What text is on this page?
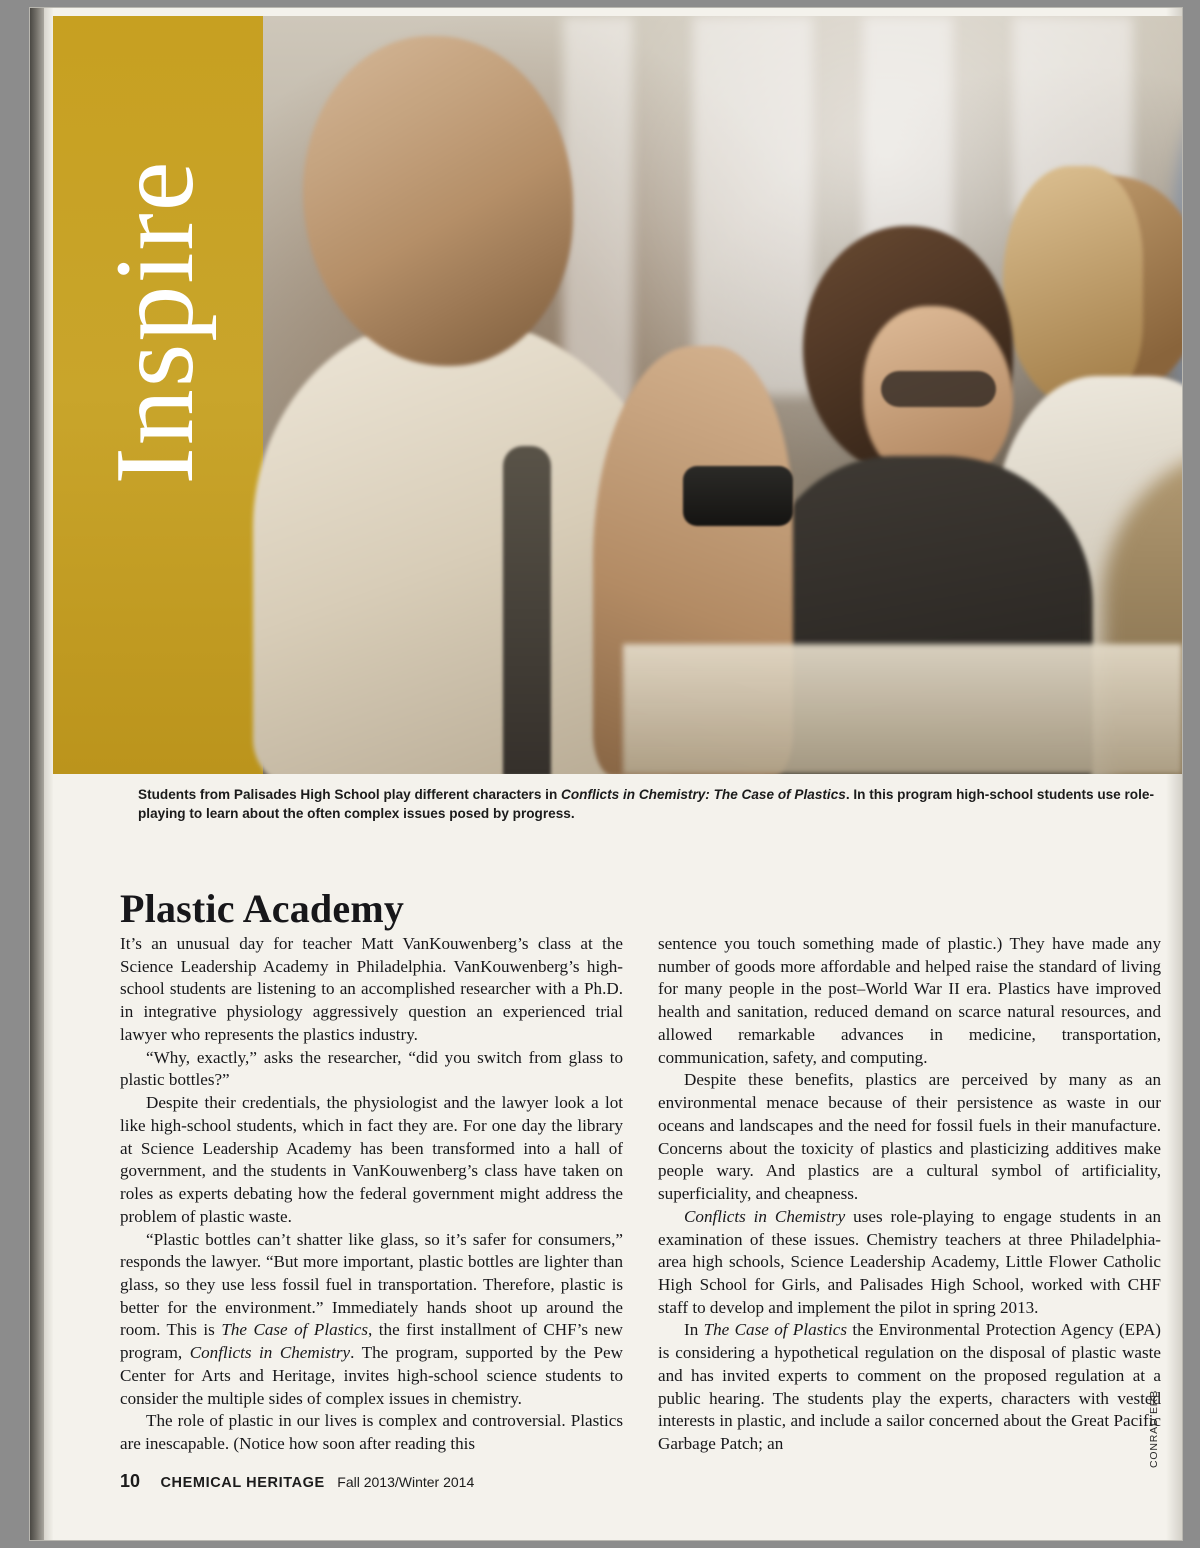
Inspire
Students from Palisades High School play different characters in Conflicts in Chemistry: The Case of Plastics. In this program high-school students use role-playing to learn about the often complex issues posed by progress.
Plastic Academy

It’s an unusual day for teacher Matt VanKouwenberg’s class at the Science Leadership Academy in Philadelphia. VanKouwenberg’s high-school students are listening to an accomplished researcher with a Ph.D. in integrative physiology aggressively question an experienced trial lawyer who represents the plastics industry.

“Why, exactly,” asks the researcher, “did you switch from glass to plastic bottles?”

Despite their credentials, the physiologist and the lawyer look a lot like high-school students, which in fact they are. For one day the library at Science Leadership Academy has been transformed into a hall of government, and the students in VanKouwenberg’s class have taken on roles as experts debating how the federal government might address the problem of plastic waste.

“Plastic bottles can’t shatter like glass, so it’s safer for consumers,” responds the lawyer. “But more important, plastic bottles are lighter than glass, so they use less fossil fuel in transportation. Therefore, plastic is better for the environment.” Immediately hands shoot up around the room. This is The Case of Plastics, the first installment of CHF’s new program, Conflicts in Chemistry. The program, supported by the Pew Center for Arts and Heritage, invites high-school science students to consider the multiple sides of complex issues in chemistry.

The role of plastic in our lives is complex and controversial. Plastics are inescapable. (Notice how soon after reading this

sentence you touch something made of plastic.) They have made any number of goods more affordable and helped raise the standard of living for many people in the post–World War II era. Plastics have improved health and sanitation, reduced demand on scarce natural resources, and allowed remarkable advances in medicine, transportation, communication, safety, and computing.

Despite these benefits, plastics are perceived by many as an environmental menace because of their persistence as waste in our oceans and landscapes and the need for fossil fuels in their manufacture. Concerns about the toxicity of plastics and plasticizing additives make people wary. And plastics are a cultural symbol of artificiality, superficiality, and cheapness.

Conflicts in Chemistry uses role-playing to engage students in an examination of these issues. Chemistry teachers at three Philadelphia-area high schools, Science Leadership Academy, Little Flower Catholic High School for Girls, and Palisades High School, worked with CHF staff to develop and implement the pilot in spring 2013.

In The Case of Plastics the Environmental Protection Agency (EPA) is considering a hypothetical regulation on the disposal of plastic waste and has invited experts to comment on the proposed regulation at a public hearing. The students play the experts, characters with vested interests in plastic, and include a sailor concerned about the Great Pacific Garbage Patch; an

10 CHEMICAL HERITAGE Fall 2013/Winter 2014
CONRAD ERB
